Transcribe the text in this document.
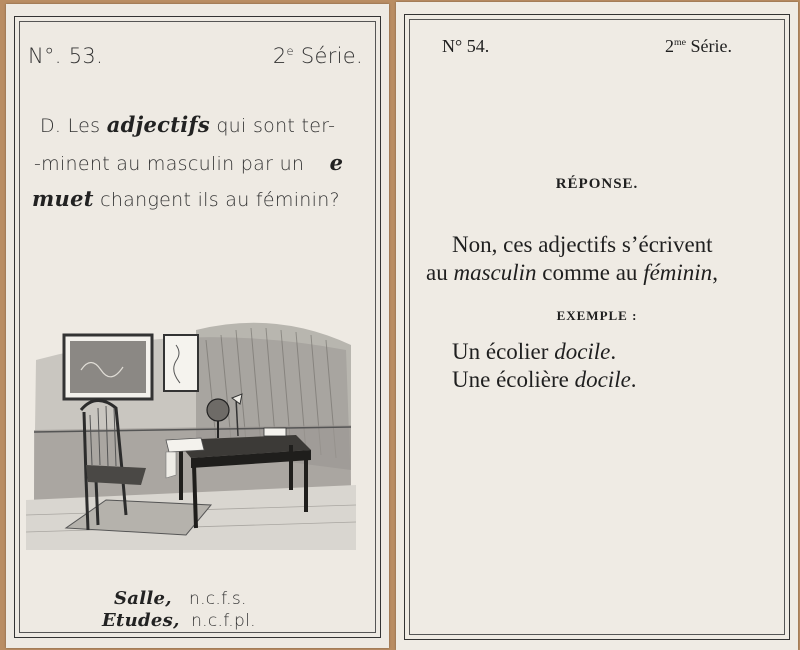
N°. 53.	2e Série.
D. Les adjectifs qui sont ter-
-minent au masculin par un e
muet changent ils au féminin?
Salle, n.c.f.s.
Etudes, n.c.f.pl.
N° 54.	$2^{me}$ Série.
RÉPONSE.
Non, ces adjectifs s’écrivent
au masculin comme au féminin,
EXEMPLE :
Un écolier docile.
Une écolière docile.
